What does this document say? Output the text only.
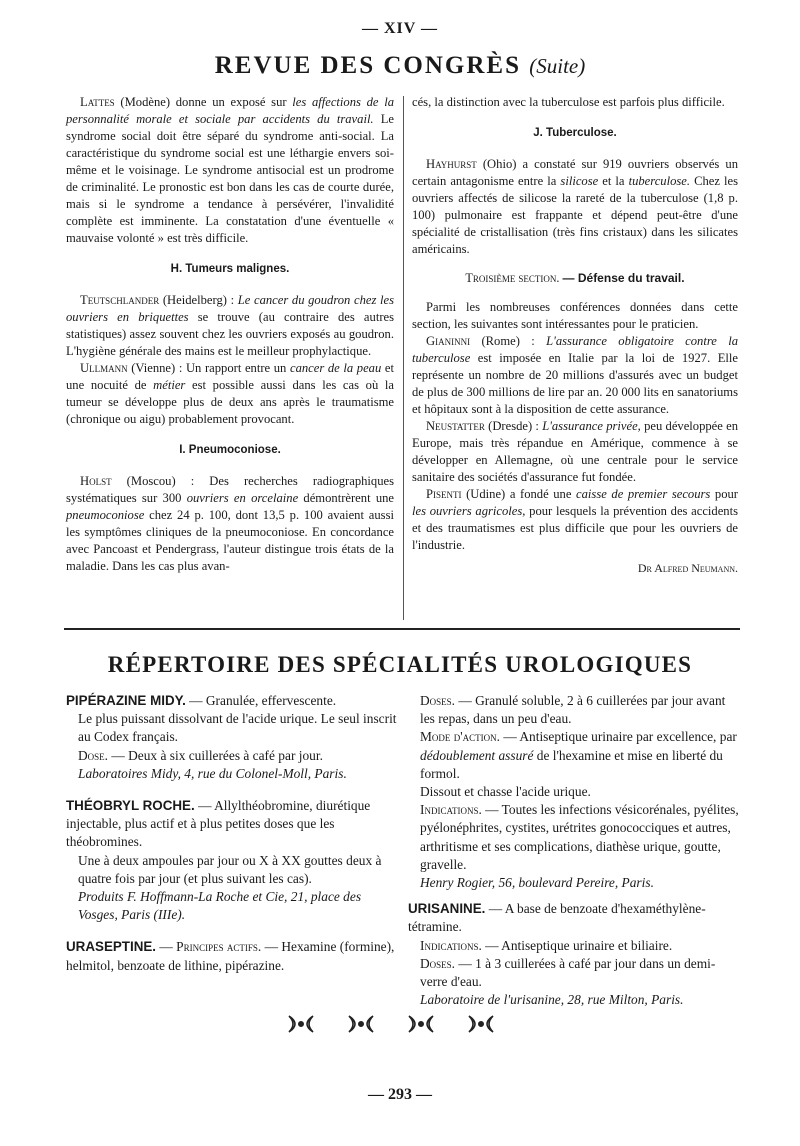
— XIV —
REVUE DES CONGRÈS (Suite)

Lattes (Modène) donne un exposé sur les affections de la personnalité morale et sociale par accidents du travail. Le syndrome social doit être séparé du syndrome anti-social. La caractéristique du syndrome social est une léthargie envers soi-même et le voisinage. Le syndrome antisocial est un prodrome de criminalité. Le pronostic est bon dans les cas de courte durée, mais si le syndrome a tendance à persévérer, l'invalidité complète est imminente. La constatation d'une éventuelle « mauvaise volonté » est très difficile.

H. Tumeurs malignes.

Teutschlander (Heidelberg) : Le cancer du goudron chez les ouvriers en briquettes se trouve (au contraire des autres statistiques) assez souvent chez les ouvriers exposés au goudron. L'hygiène générale des mains est le meilleur prophylactique.

Ullmann (Vienne) : Un rapport entre un cancer de la peau et une nocuité de métier est possible aussi dans les cas où la tumeur se développe plus de deux ans après le traumatisme (chronique ou aigu) probablement provocant.

I. Pneumoconiose.

Holst (Moscou) : Des recherches radiographiques systématiques sur 300 ouvriers en orcelaine démontrèrent une pneumoconiose chez 24 p. 100, dont 13,5 p. 100 avaient aussi les symptômes cliniques de la pneumoconiose. En concordance avec Pancoast et Pendergrass, l'auteur distingue trois états de la maladie. Dans les cas plus avan-

cés, la distinction avec la tuberculose est parfois plus difficile.

J. Tuberculose.

Hayhurst (Ohio) a constaté sur 919 ouvriers observés un certain antagonisme entre la silicose et la tuberculose. Chez les ouvriers affectés de silicose la rareté de la tuberculose (1,8 p. 100) pulmonaire est frappante et dépend peut-être d'une spécialité de cristallisation (très fins cristaux) dans les silicates américains.

Troisième section. — Défense du travail.

Parmi les nombreuses conférences données dans cette section, les suivantes sont intéressantes pour le praticien.

Gianinni (Rome) : L'assurance obligatoire contre la tuberculose est imposée en Italie par la loi de 1927. Elle représente un nombre de 20 millions d'assurés avec un budget de plus de 300 millions de lire par an. 20 000 lits en sanatoriums et hôpitaux sont à la disposition de cette assurance.

Neustatter (Dresde) : L'assurance privée, peu développée en Europe, mais très répandue en Amérique, commence à se développer en Allemagne, où une centrale pour le service sanitaire des sociétés d'assurance fut fondée.

Pisenti (Udine) a fondé une caisse de premier secours pour les ouvriers agricoles, pour lesquels la prévention des accidents et des traumatismes est plus difficile que pour les ouvriers de l'industrie.

Dr Alfred Neumann.
RÉPERTOIRE DES SPÉCIALITÉS UROLOGIQUES

PIPÉRAZINE MIDY. — Granulée, effervescente.

Le plus puissant dissolvant de l'acide urique. Le seul inscrit au Codex français.

Dose. — Deux à six cuillerées à café par jour.

Laboratoires Midy, 4, rue du Colonel-Moll, Paris.

THÉOBRYL ROCHE. — Allylthéobromine, diurétique injectable, plus actif et à plus petites doses que les théobromines.

Une à deux ampoules par jour ou X à XX gouttes deux à quatre fois par jour (et plus suivant les cas).

Produits F. Hoffmann-La Roche et Cie, 21, place des Vosges, Paris (IIIe).

URASEPTINE. — Principes actifs. — Hexamine (formine), helmitol, benzoate de lithine, pipérazine.

Doses. — Granulé soluble, 2 à 6 cuillerées par jour avant les repas, dans un peu d'eau.

Mode d'action. — Antiseptique urinaire par excellence, par dédoublement assuré de l'hexamine et mise en liberté du formol.

Dissout et chasse l'acide urique.

Indications. — Toutes les infections vésicorénales, pyélites, pyélonéphrites, cystites, urétrites gonococciques et autres, arthritisme et ses complications, diathèse urique, goutte, gravelle.

Henry Rogier, 56, boulevard Pereire, Paris.

URISANINE. — A base de benzoate d'hexaméthylène-tétramine.

Indications. — Antiseptique urinaire et biliaire.

Doses. — 1 à 3 cuillerées à café par jour dans un demi-verre d'eau.

Laboratoire de l'urisanine, 28, rue Milton, Paris.

— 293 —
